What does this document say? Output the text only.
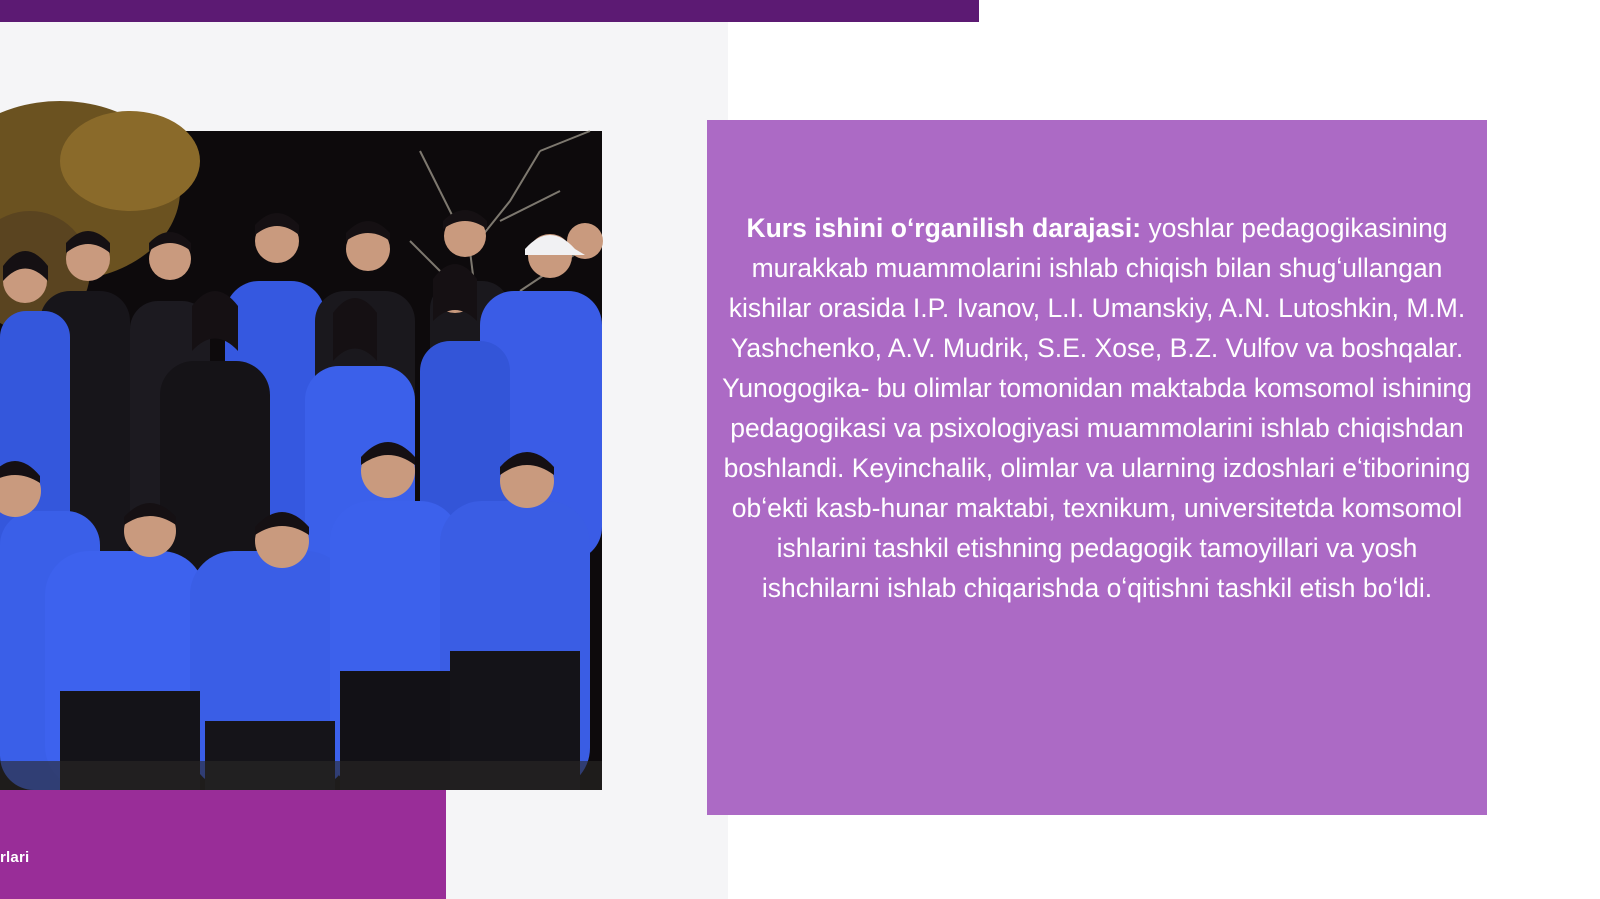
rlari

Kurs ishini oʻrganilish darajasi: yoshlar pedagogikasining murakkab muammolarini ishlab chiqish bilan shugʻullangan kishilar orasida I.P. Ivanov, L.I. Umanskiy, A.N. Lutoshkin, M.M. Yashchenko, A.V. Mudrik, S.E. Xose, B.Z. Vulfov va boshqalar. Yunogogika- bu olimlar tomonidan maktabda komsomol ishining pedagogikasi va psixologiyasi muammolarini ishlab chiqishdan boshlandi. Keyinchalik, olimlar va ularning izdoshlari eʻtiborining obʻekti kasb-hunar maktabi, texnikum, universitetda komsomol ishlarini tashkil etishning pedagogik tamoyillari va yosh ishchilarni ishlab chiqarishda oʻqitishni tashkil etish boʻldi.
